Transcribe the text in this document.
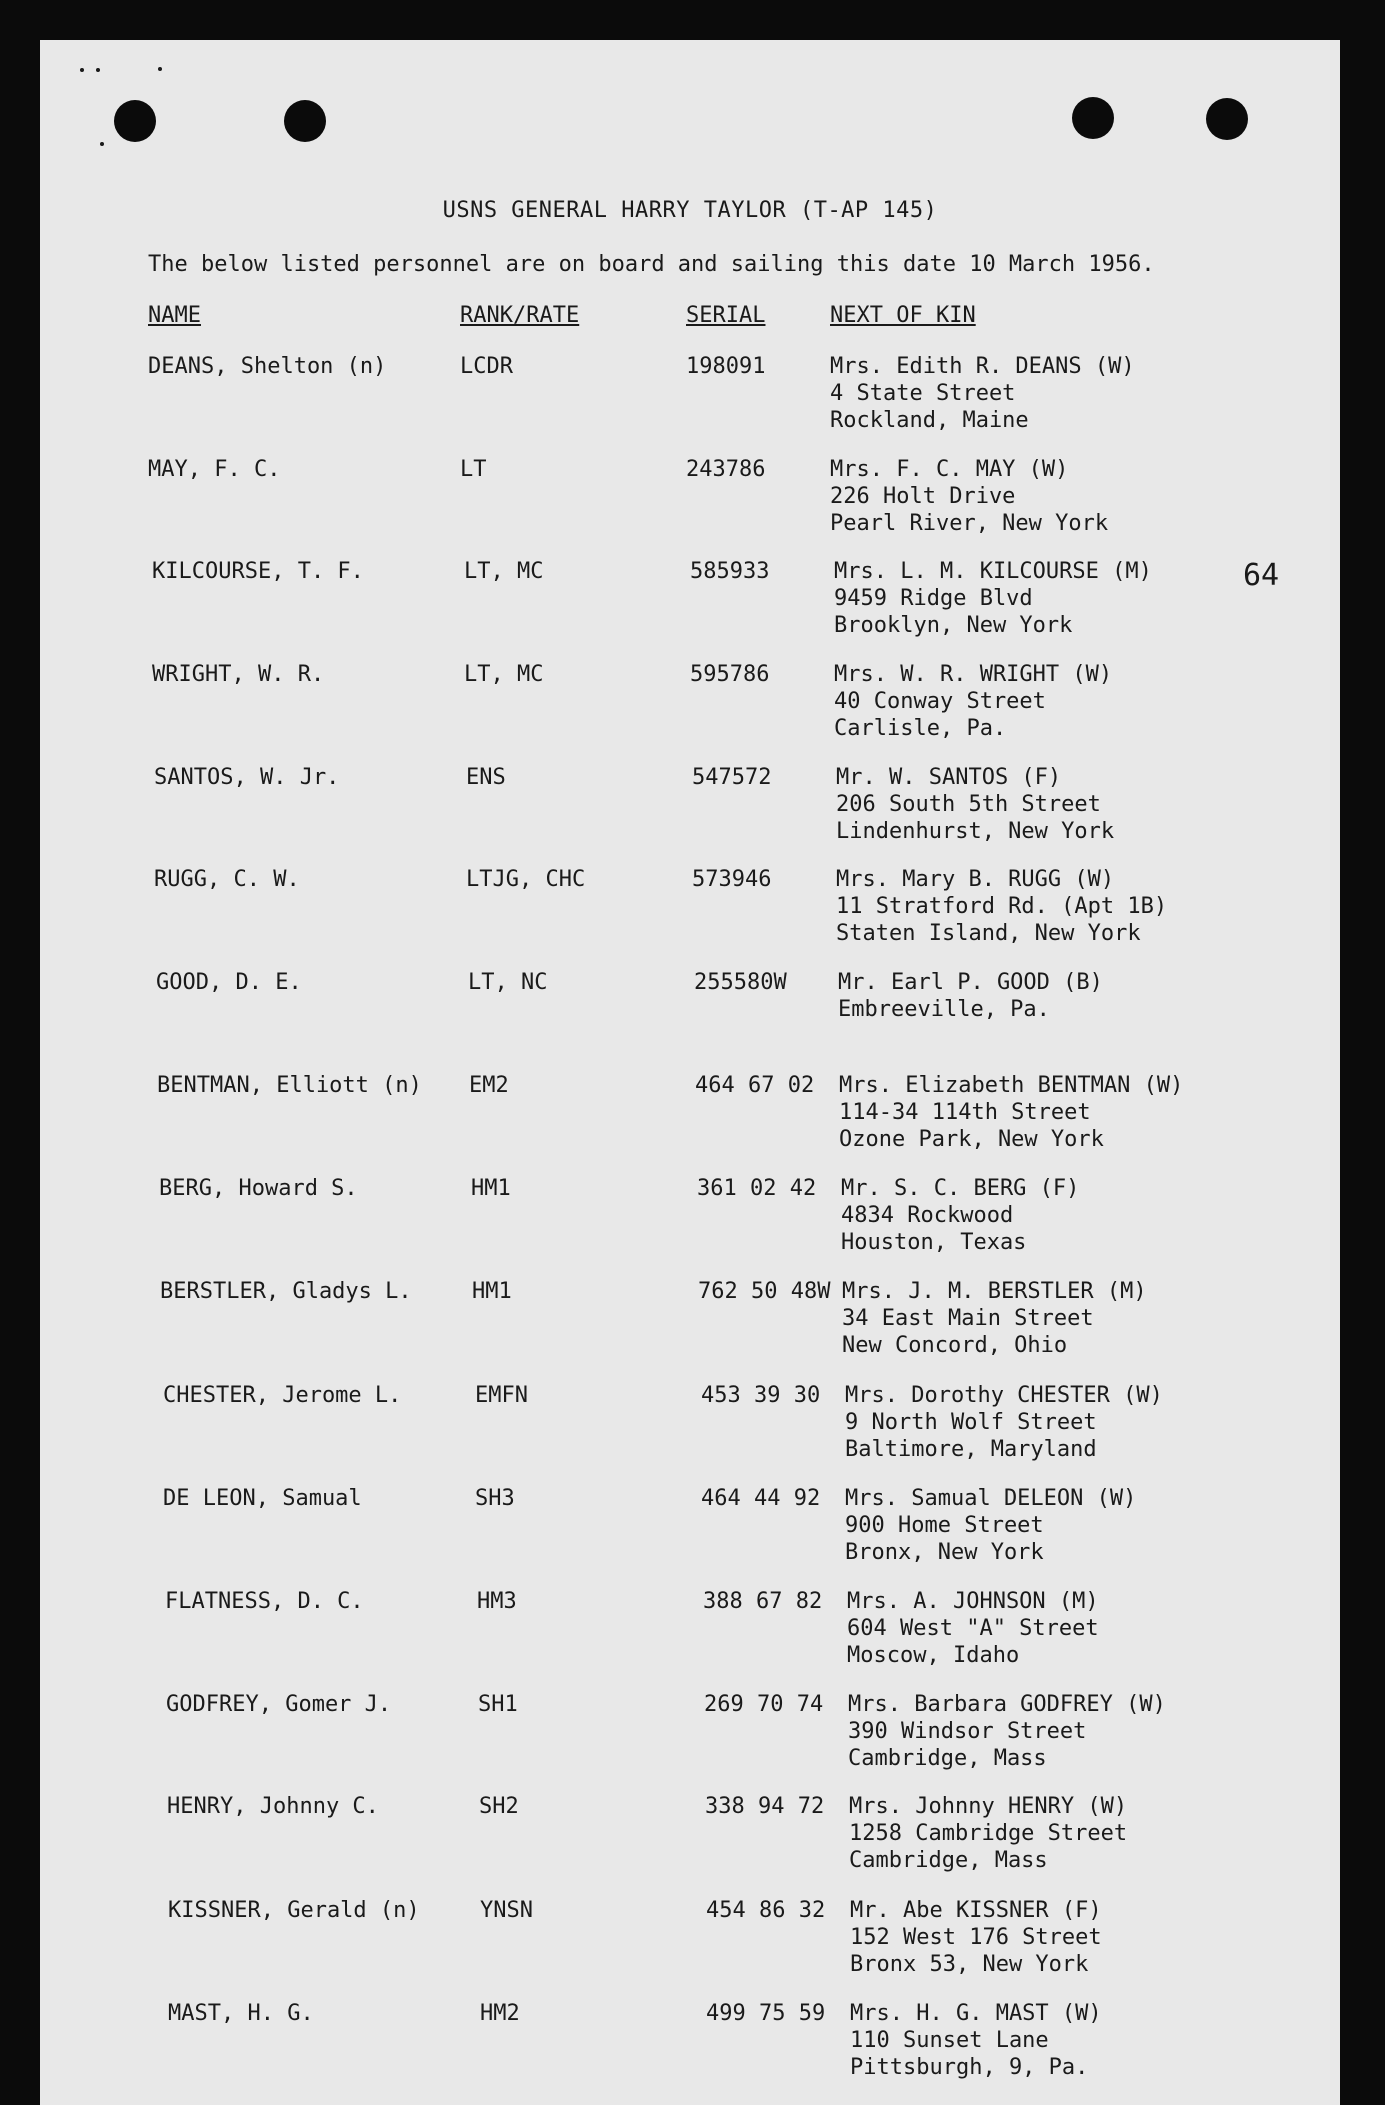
USNS GENERAL HARRY TAYLOR (T-AP 145)
The below listed personnel are on board and sailing this date 10 March 1956.
64
NAME	RANK/RATE	SERIAL	NEXT OF KIN
DEANS, Shelton (n)	LCDR	198091	Mrs. Edith R. DEANS (W)
4 State Street
Rockland, Maine
MAY, F. C.	LT	243786	Mrs. F. C. MAY (W)
226 Holt Drive
Pearl River, New York
KILCOURSE, T. F.	LT, MC	585933	Mrs. L. M. KILCOURSE (M)
9459 Ridge Blvd
Brooklyn, New York
WRIGHT, W. R.	LT, MC	595786	Mrs. W. R. WRIGHT (W)
40 Conway Street
Carlisle, Pa.
SANTOS, W. Jr.	ENS	547572	Mr. W. SANTOS (F)
206 South 5th Street
Lindenhurst, New York
RUGG, C. W.	LTJG, CHC	573946	Mrs. Mary B. RUGG (W)
11 Stratford Rd. (Apt 1B)
Staten Island, New York
GOOD, D. E.	LT, NC	255580W Mr. Earl P. GOOD (B)
Embreeville, Pa.
BENTMAN, Elliott (n) EM2	464 67 02 Mrs. Elizabeth BENTMAN (W)
114-34 114th Street
Ozone Park, New York
BERG, Howard S.	HM1	361 02 42 Mr. S. C. BERG (F)
4834 Rockwood
Houston, Texas
BERSTLER, Gladys L.	HM1	762 50 48W Mrs. J. M. BERSTLER (M)
34 East Main Street
New Concord, Ohio
CHESTER, Jerome L.	EMFN	453 39 30 Mrs. Dorothy CHESTER (W)
9 North Wolf Street
Baltimore, Maryland
DE LEON, Samual	SH3	464 44 92 Mrs. Samual DELEON (W)
900 Home Street
Bronx, New York
FLATNESS, D. C.	HM3	388 67 82 Mrs. A. JOHNSON (M)
604 West "A" Street
Moscow, Idaho
GODFREY, Gomer J.	SH1	269 70 74 Mrs. Barbara GODFREY (W)
390 Windsor Street
Cambridge, Mass
HENRY, Johnny C.	SH2	338 94 72 Mrs. Johnny HENRY (W)
1258 Cambridge Street
Cambridge, Mass
KISSNER, Gerald (n)	YNSN	454 86 32 Mr. Abe KISSNER (F)
152 West 176 Street
Bronx 53, New York
MAST, H. G.	HM2	499 75 59 Mrs. H. G. MAST (W)
110 Sunset Lane
Pittsburgh, 9, Pa.
